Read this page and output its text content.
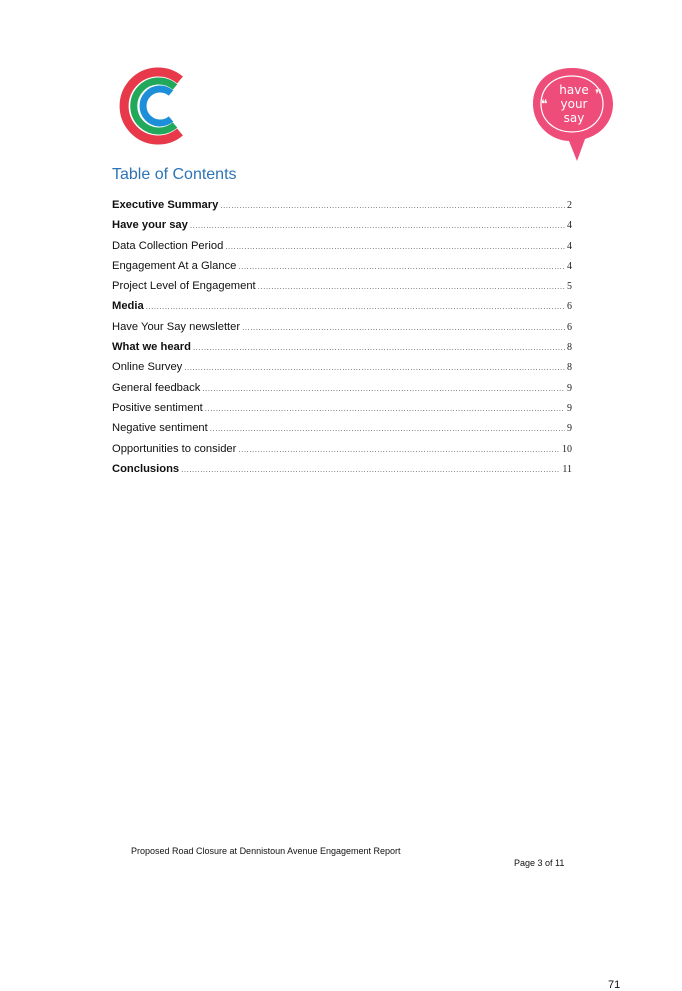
have
your
say
❝
❞
Table of Contents
Executive Summary .....	2
Have your say .....	4
Data Collection Period .....	4
Engagement At a Glance .....	4
Project Level of Engagement .....	5
Media .....	6
Have Your Say newsletter .....	6
What we heard .....	8
Online Survey .....	8
General feedback .....	9
Positive sentiment .....	9
Negative sentiment .....	9
Opportunities to consider .....	10
Conclusions .....	11
Proposed Road Closure at Dennistoun Avenue Engagement Report
Page 3 of 11
71
